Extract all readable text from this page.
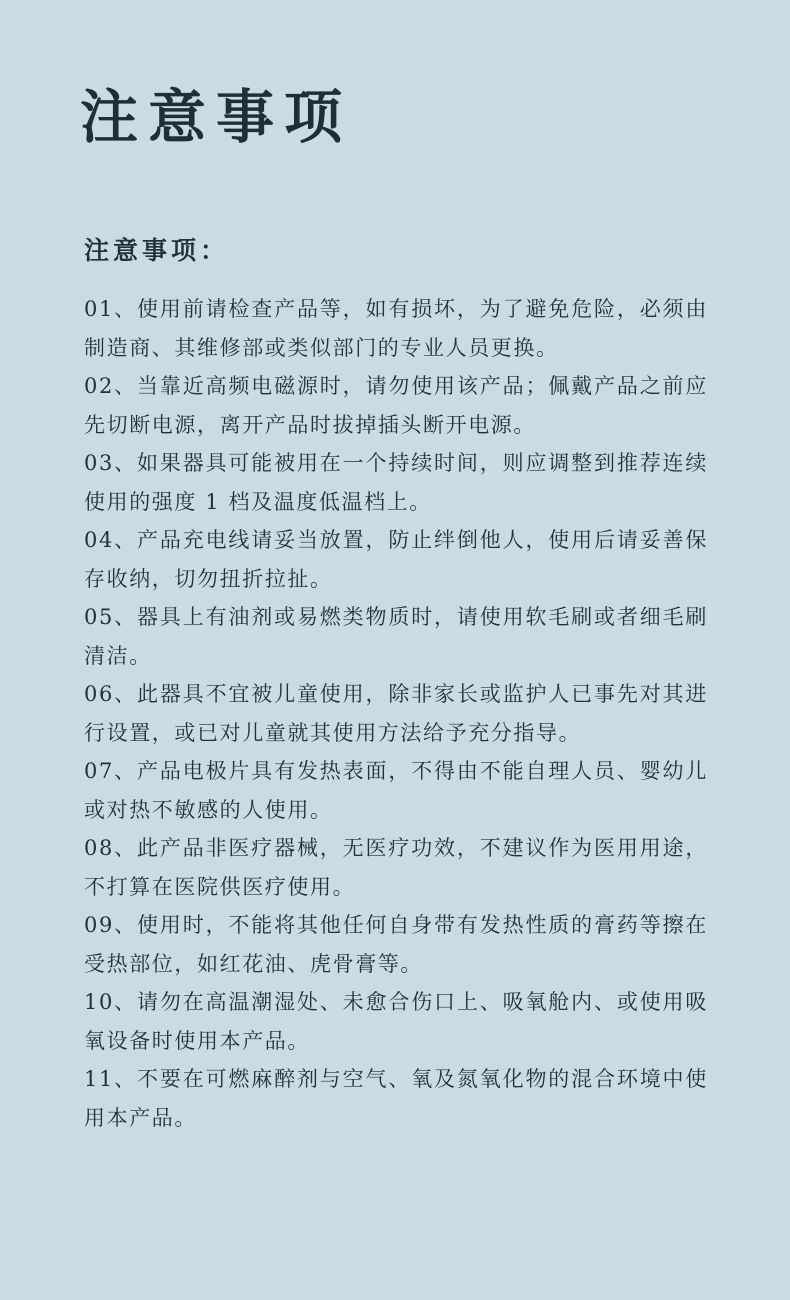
注意事项
注意事项：
01、使用前请检查产品等，如有损坏，为了避免危险，必须由制造商、其维修部或类似部门的专业人员更换。
02、当靠近高频电磁源时，请勿使用该产品；佩戴产品之前应先切断电源，离开产品时拔掉插头断开电源。
03、如果器具可能被用在一个持续时间，则应调整到推荐连续使用的强度 1 档及温度低温档上。
04、产品充电线请妥当放置，防止绊倒他人，使用后请妥善保存收纳，切勿扭折拉扯。
05、器具上有油剂或易燃类物质时，请使用软毛刷或者细毛刷清洁。
06、此器具不宜被儿童使用，除非家长或监护人已事先对其进行设置，或已对儿童就其使用方法给予充分指导。
07、产品电极片具有发热表面，不得由不能自理人员、婴幼儿或对热不敏感的人使用。
08、此产品非医疗器械，无医疗功效，不建议作为医用用途，不打算在医院供医疗使用。
09、使用时，不能将其他任何自身带有发热性质的膏药等擦在受热部位，如红花油、虎骨膏等。
10、请勿在高温潮湿处、未愈合伤口上、吸氧舱内、或使用吸氧设备时使用本产品。
11、不要在可燃麻醉剂与空气、氧及氮氧化物的混合环境中使用本产品。
